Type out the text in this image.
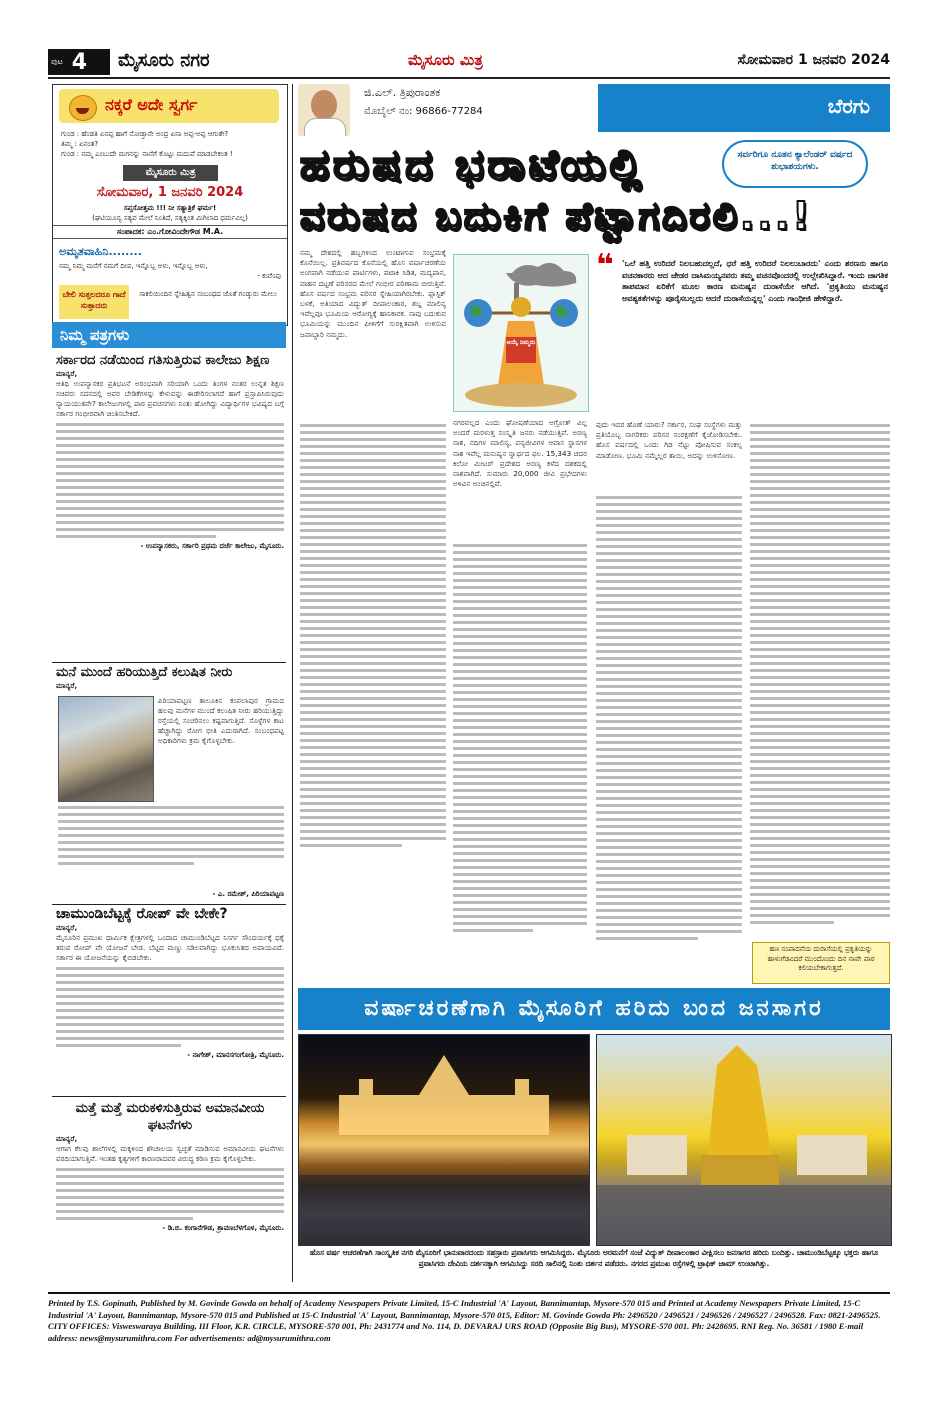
ಪುಟ 4 ಮೈಸೂರು ನಗರ	ಮೈಸೂರು ಮಿತ್ರ	ಸೋಮವಾರ 1 ಜನವರಿ 2024
ನಕ್ಕರೆ ಅದೇ ಸ್ವರ್ಗ
ಗುಂಡ : ಹೆಂಡತಿ ಏನಪ್ಪ ಹಾಗೆ ನೋಡ್ತಾನೇ ಅಂದ್ರ ಏನಾ ಅಪ್ಪ-ಅಪ್ಪ ಆಗುತೇ?
ತಿಮ್ಮ : ಏನಂತ?
ಗುಂಡ : ನಮ್ಮ ಎಂಬುದೇ ಮಗನನ್ನು ನಾನೆಗೆ ಕೊಟ್ಟು ಮದುವೆ ಮಾಡಬೇಕಂತ !
ಮೈಸೂರು ಮಿತ್ರ
ಸೋಮವಾರ, 1 ಜನವರಿ 2024
ಸಪ್ತಸೋತ್ತಮ !!! ನೀ ಸತ್ಯಾತ್ರಿಕೆ ಘರ್ಮ!
(ಘಟಿಯೂನ್ಯ ಸತ್ಯವ ಮೇಲೆ ನಿಂತಿದೆ, ಸತ್ಯಕ್ಕಿಂತ ಮಿಗಿಲಾದ ಧರ್ಮವಿಲ್ಲ)
ಸಂಪಾದಕ: ಎಂ.ಗೋವಿಂದೇಗೌಡ M.A.
ಅಮೃತವಾಹಿನಿ........
ನಮ್ಮ ನಿಮ್ಮ ಮನೆಗೆ ನಮಗೆ ದೀಪ, ಇನ್ನೊಬ್ಬ ಅಳು, ಇನ್ನೊಬ್ಬ ಅಳು,
- ಕುವೆಂಪು
ಬೇಲಿ ಸುತ್ತಲದರೂ ಗಾದೆ ಸುತ್ತಾದರು
ಸಾಕಲಿಯಿಂದಿನ ಸ್ನೇಹಿತ್ವನ ಸಂಬಂಧದ ಜೊತೆ ಗಂಡ್ಕುರು ಮೇಲು
ನಿಮ್ಮ ಪತ್ರಗಳು
ಸರ್ಕಾರದ ನಡೆಯಿಂದ ಗತಿಸುತ್ತಿರುವ ಕಾಲೇಜು ಶಿಕ್ಷಣ
ಮಾನ್ಯರೆ,
ಆತಿಥಿ ಉಪನ್ಯಾಸಕರ ಪ್ರತಿಭಟನೆ ಅರಂಭವಾಗಿ ಸರಿಯಾಗಿ ಒಂದು ತಿಂಗಳ ನಂತರ ಉನ್ನತ ಶಿಕ್ಷಣ ಸಚಿವರು ಸದನದಲ್ಲಿ ಅವರ ಬೇಡಿಕೆಗಳನ್ನು ಕೇಳುವನ್ನು ಈಡೇರಿಸಲಾಗದೆ ಹಾಗೆ ಪ್ರಸ್ತಾಪಿಸಿರುವುದು ನ್ಯಾಯಯುತವೇ? ಕಾಲೇಜುಗಳಲ್ಲಿ ಪಾಠ ಪ್ರವಚನಗಳು ನಿಂತು ಹೋಗಿದ್ದು ವಿದ್ಯಾರ್ಥಿಗಳ ಭವಿಷ್ಯದ ಬಗ್ಗೆ ಸರ್ಕಾರ ಗಂಭೀರವಾಗಿ ಚಿಂತಿಸಬೇಕಿದೆ.
- ಉಪನ್ಯಾಸಕರು, ಸರ್ಕಾರಿ ಪ್ರಥಮ ದರ್ಜೆ ಕಾಲೇಜು, ಮೈಸೂರು.
ಮನೆ ಮುಂದೆ ಹರಿಯುತ್ತಿದೆ ಕಲುಷಿತ ನೀರು
ಮಾನ್ಯರೆ,
ಪಿರಿಯಾಪಟ್ಟಣ ತಾಲೂಕಿನ ಕಂಪಲಾಪುರ ಗ್ರಾಮದ ಹಲವು ಮನೆಗಳ ಮುಂದೆ ಕಲುಷಿತ ನೀರು ಹರಿಯುತ್ತಿದ್ದು ರಸ್ತೆಯಲ್ಲಿ ಸಂಚರಿಸಲು ಕಷ್ಟವಾಗುತ್ತಿದೆ. ಸೊಳ್ಳೆಗಳ ಕಾಟ ಹೆಚ್ಚಾಗಿದ್ದು ರೋಗ ಭೀತಿ ಎದುರಾಗಿದೆ. ಸಂಬಂಧಪಟ್ಟ ಅಧಿಕಾರಿಗಳು ಕ್ರಮ ಕೈಗೊಳ್ಳಬೇಕು.
- ಎ. ರಮೇಶ್, ಪಿರಿಯಾಪಟ್ಟಣ
ಚಾಮುಂಡಿಬೆಟ್ಟಕ್ಕೆ ರೋಪ್ ವೇ ಬೇಕೇ?
ಮಾನ್ಯರೆ,
ಮೈಸೂರಿನ ಪ್ರಮುಖ ಧಾರ್ಮಿಕ ಕ್ಷೇತ್ರಗಳಲ್ಲಿ ಒಂದಾದ ಚಾಮುಂಡಿಬೆಟ್ಟದ ನಿಸರ್ಗ ಸೌಂದರ್ಯಕ್ಕೆ ಧಕ್ಕೆ ತರುವ ರೋಪ್ ವೇ ಯೋಜನೆ ಬೇಡ. ಬೆಟ್ಟದ ಮಣ್ಣು ಸಡಿಲವಾಗಿದ್ದು ಭೂಕುಸಿತದ ಅಪಾಯವಿದೆ. ಸರ್ಕಾರ ಈ ಯೋಜನೆಯನ್ನು ಕೈಬಿಡಬೇಕು.
- ನಾಗೇಶ್, ಮಾನಸಗಂಗೋತ್ರಿ, ಮೈಸೂರು.
ಮತ್ತೆ ಮತ್ತೆ ಮರುಕಳಿಸುತ್ತಿರುವ ಅಮಾನವೀಯ ಘಟನೆಗಳು
ಮಾನ್ಯರೆ,
ಆಗಾಗ ಕೆಲವು ಶಾಲೆಗಳಲ್ಲಿ ಮಕ್ಕಳಿಂದ ಶೌಚಾಲಯ ಸ್ವಚ್ಛತೆ ಮಾಡಿಸುವ ಅಮಾನವೀಯ ಘಟನೆಗಳು ವರದಿಯಾಗುತ್ತಿವೆ. ಇಂತಹ ಕೃತ್ಯಗಳಿಗೆ ಕಾರಣರಾದವರ ವಿರುದ್ಧ ಕಠಿಣ ಕ್ರಮ ಕೈಗೊಳ್ಳಬೇಕು.
- ಡಿ.ಬಿ. ಕಂಗಾನೆಗೌಡ, ಶ್ರಾವಣಬೆಳಗೊಳ, ಮೈಸೂರು.
ಜಿ.ಎಲ್. ತ್ರಿಪುರಾಂತಕ
ಮೊಬೈಲ್ ನಂ: 96866-77284	ಬೆರಗು
ಸರ್ವರಿಗೂ ನೂತನ ಕ್ಯಾಲೆಂಡರ್ ವರ್ಷದ ಶುಭಾಶಯಗಳು.
ಹರುಷದ ಭರಾಟೆಯಲ್ಲಿ
ವರುಷದ ಬದುಕಿಗೆ ಪೆಟ್ಟಾಗದಿರಲಿ...!
ನಮ್ಮ ದೇಶದಲ್ಲಿ ಹಬ್ಬಗಳಿಂದ ಉಂಟಾಗುವ ಸಂಭ್ರಮಕ್ಕೆ ಕೊನೆಯಿಲ್ಲ. ಪ್ರತಿವರ್ಷದ ಕೊನೆಯಲ್ಲಿ ಹೊಸ ವರ್ಷಾಚರಣೆಯ ಅಂಗವಾಗಿ ನಡೆಯುವ ಪಾರ್ಟಿಗಳು, ಪಟಾಕಿ ಸಿಡಿತ, ಮದ್ಯಪಾನ, ವಾಹನ ದಟ್ಟಣೆ ಪರಿಸರದ ಮೇಲೆ ಗಂಭೀರ ಪರಿಣಾಮ ಬೀರುತ್ತಿವೆ. ಹೊಸ ವರ್ಷದ ಸಂಭ್ರಮ ಪರಿಸರ ಸ್ನೇಹಿಯಾಗಿರಬೇಕು. ಪ್ಲಾಸ್ಟಿಕ್ ಬಳಕೆ, ಅತಿಯಾದ ವಿದ್ಯುತ್ ದೀಪಾಲಂಕಾರ, ಶಬ್ದ ಮಾಲಿನ್ಯ ಇವೆಲ್ಲವೂ ಭೂಮಿಯ ಆರೋಗ್ಯಕ್ಕೆ ಹಾನಿಕಾರಕ. ನಾವು ಬದುಕುವ ಭೂಮಿಯನ್ನು ಮುಂದಿನ ಪೀಳಿಗೆಗೆ ಸುರಕ್ಷಿತವಾಗಿ ಉಳಿಸುವ ಜವಾಬ್ದಾರಿ ನಮ್ಮದು.
ಆಯ್ಕೆ ನಿಮ್ಮದು
❝ 'ಒಲೆ ಹತ್ತಿ ಉರಿದರೆ ನಿಲಬಹುದಲ್ಲದೆ, ಧರೆ ಹತ್ತಿ ಉರಿದರೆ ನಿಲಲುಬಾರದು' ಎಂದು ಶರಣರು ಹಾಗೂ ವಚನಕಾರರು ಆದ ಜೇಡರ ದಾಸಿಮಯ್ಯನವರು ತಮ್ಮ ವಚನವೊಂದರಲ್ಲಿ ಉಲ್ಲೇಖಿಸಿದ್ದಾರೆ. ಇಂದು ಜಾಗತಿಕ ತಾಪಮಾನ ಏರಿಕೆಗೆ ಮೂಲ ಕಾರಣ ಮನುಷ್ಯನ ದುರಾಸೆಯೇ ಆಗಿದೆ. 'ಪ್ರಕೃತಿಯು ಮನುಷ್ಯನ ಅವಶ್ಯಕತೆಗಳನ್ನು ಪೂರೈಸಬಲ್ಲದು ಆದರೆ ದುರಾಸೆಯನ್ನಲ್ಲ' ಎಂದು ಗಾಂಧೀಜಿ ಹೇಳಿದ್ದಾರೆ.
ನಗರವಲ್ಲದ ಎಂದು ಘೋಷಣೆಯಾದ ಅಗ್ರೋತ್ ವಿಲ್ಲ ಅಂದರೆ ಮರಳುತ್ತ ಸಂಸ್ಕೃತಿ ಜನರು ನಡೆಯುತ್ತಿವೆ. ಅರಣ್ಯ ನಾಶ, ನದಿಗಳ ಮಾಲಿನ್ಯ, ವನ್ಯಜೀವಿಗಳ ಆವಾಸ ಸ್ಥಾನಗಳ ನಾಶ ಇವೆಲ್ಲ ಮನುಷ್ಯನ ಸ್ವಾರ್ಥದ ಫಲ. 15,343 ಚದರ ಕಿಲೋ ಮೀಟರ್ ಪ್ರದೇಶದ ಅರಣ್ಯ ಕಳೆದ ದಶಕದಲ್ಲಿ ನಾಶವಾಗಿದೆ. ಸುಮಾರು 20,000 ಜೀವಿ ಪ್ರಭೇದಗಳು ಅಳಿವಿನ ಅಂಚಿನಲ್ಲಿವೆ.
ಪುದು ಇದರ ಹೊಣೆ ಯಾರು? ಸರ್ಕಾರ, ಸಂಘ ಸಂಸ್ಥೆಗಳು ಮತ್ತು ಪ್ರತಿಯೊಬ್ಬ ನಾಗರಿಕರು ಪರಿಸರ ಸಂರಕ್ಷಣೆಗೆ ಕೈಜೋಡಿಸಬೇಕು. ಹೊಸ ವರ್ಷದಲ್ಲಿ ಒಂದು ಗಿಡ ನೆಟ್ಟು ಪೋಷಿಸುವ ಸಂಕಲ್ಪ ಮಾಡೋಣ. ಭೂಮಿ ನಮ್ಮೆಲ್ಲರ ತಾಯಿ, ಅದನ್ನು ಉಳಿಸೋಣ.
ಹಣ ಸಂಪಾದನೆಯ ದುರಾಸೆಯಲ್ಲಿ ಪ್ರಕೃತಿಯನ್ನು ಹಾಳುಗೆಡವಿದರೆ ಮುಂದೊಂದು ದಿನ ನಾವೇ ಪಾಠ ಕಲಿಯಬೇಕಾಗುತ್ತದೆ.
ವರ್ಷಾಚರಣೆಗಾಗಿ ಮೈಸೂರಿಗೆ ಹರಿದು ಬಂದ ಜನಸಾಗರ
ಹೊಸ ವರ್ಷ ಆಚರಣೆಗಾಗಿ ಸಾಂಸ್ಕೃತಿಕ ನಗರಿ ಮೈಸೂರಿಗೆ ಭಾನುವಾರದಂದು ಸಹಸ್ರಾರು ಪ್ರವಾಸಿಗರು ಆಗಮಿಸಿದ್ದರು. ಮೈಸೂರು ಅರಮನೆಗೆ ಸಂಜೆ ವಿದ್ಯುತ್ ದೀಪಾಲಂಕಾರ ವೀಕ್ಷಿಸಲು ಜನಸಾಗರ ಹರಿದು ಬಂದಿತ್ತು. ಚಾಮುಂಡಿಬೆಟ್ಟಕ್ಕೂ ಭಕ್ತರು ಹಾಗೂ ಪ್ರವಾಸಿಗರು ದೇವಿಯ ದರ್ಶನಕ್ಕಾಗಿ ಆಗಮಿಸಿದ್ದು ಸರದಿ ಸಾಲಿನಲ್ಲಿ ನಿಂತು ದರ್ಶನ ಪಡೆದರು. ನಗರದ ಪ್ರಮುಖ ರಸ್ತೆಗಳಲ್ಲಿ ಟ್ರಾಫಿಕ್ ಜಾಮ್ ಉಂಟಾಗಿತ್ತು.
Printed by T.S. Gopinath, Published by M. Govinde Gowda on behalf of Academy Newspapers Private Limited, 15-C Industrial 'A' Layout, Bannimantap, Mysore-570 015 and Printed at Academy Newspapers Private Limited, 15-C Industrial 'A' Layout, Bannimantap, Mysore-570 015 and Published at 15-C Industrial 'A' Layout, Bannimantap, Mysore-570 015, Editor: M. Govinde Gowda Ph: 2496520 / 2496521 / 2496526 / 2496527 / 2496528. Fax: 0821-2496525. CITY OFFICES: Visweswaraya Building, III Floor, K.R. CIRCLE, MYSORE-570 001, Ph: 2431774 and No. 114, D. DEVARAJ URS ROAD (Opposite Big Bus), MYSORE-570 001. Ph: 2428695. RNI Reg. No. 36581 / 1980 E-mail address: news@mysurumithra.com For advertisements: ad@mysurumithra.com
